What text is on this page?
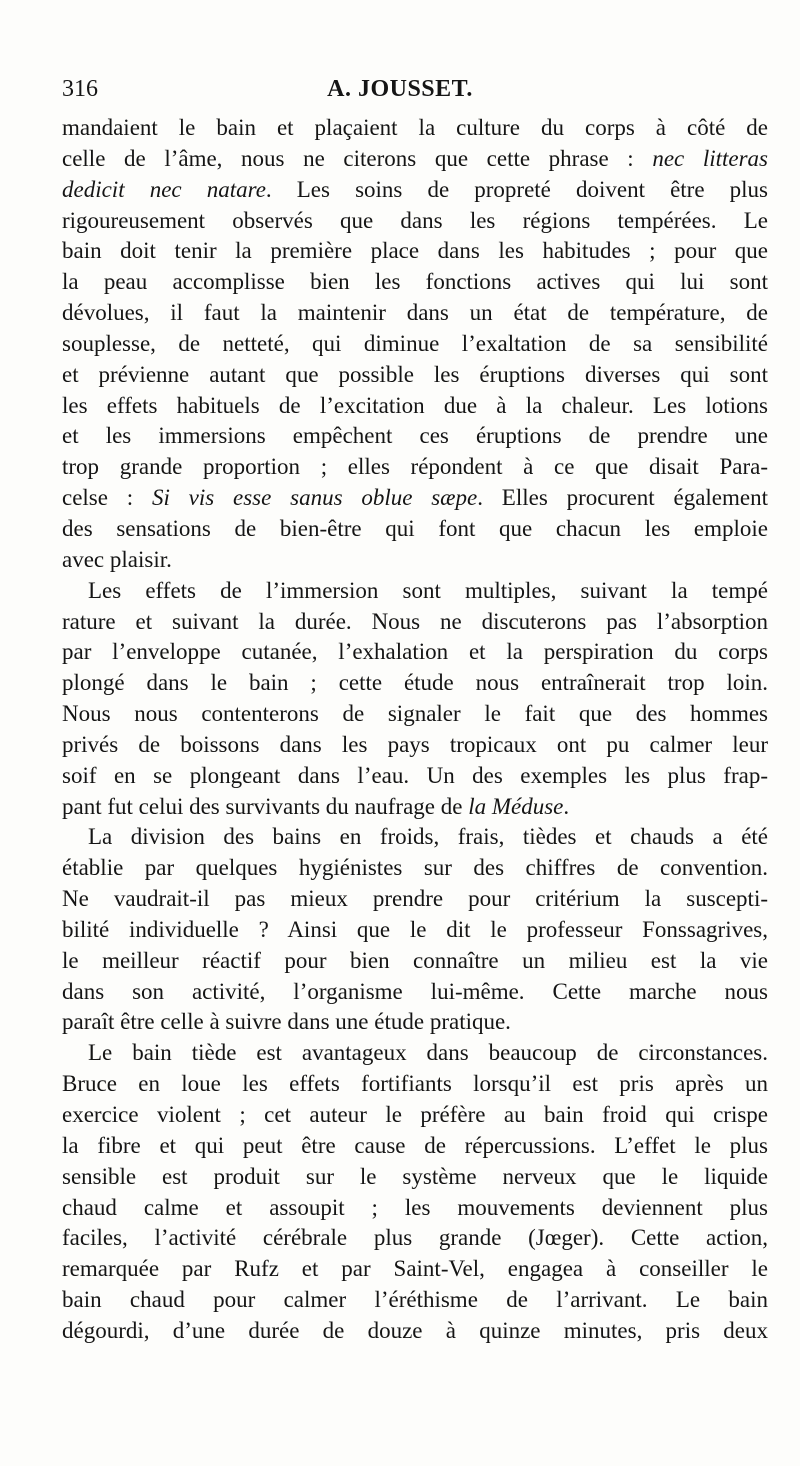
316	A. JOUSSET.
mandaient le bain et plaçaient la culture du corps à côté de
celle de l’âme, nous ne citerons que cette phrase : nec litteras
dedicit nec natare. Les soins de propreté doivent être plus
rigoureusement observés que dans les régions tempérées. Le
bain doit tenir la première place dans les habitudes ; pour que
la peau accomplisse bien les fonctions actives qui lui sont
dévolues, il faut la maintenir dans un état de température, de
souplesse, de netteté, qui diminue l’exaltation de sa sensibilité
et prévienne autant que possible les éruptions diverses qui sont
les effets habituels de l’excitation due à la chaleur. Les lotions
et les immersions empêchent ces éruptions de prendre une
trop grande proportion ; elles répondent à ce que disait Para-
celse : Si vis esse sanus oblue sæpe. Elles procurent également
des sensations de bien-être qui font que chacun les emploie
avec plaisir.
Les effets de l’immersion sont multiples, suivant la tempé
rature et suivant la durée. Nous ne discuterons pas l’absorption
par l’enveloppe cutanée, l’exhalation et la perspiration du corps
plongé dans le bain ; cette étude nous entraînerait trop loin.
Nous nous contenterons de signaler le fait que des hommes
privés de boissons dans les pays tropicaux ont pu calmer leur
soif en se plongeant dans l’eau. Un des exemples les plus frap-
pant fut celui des survivants du naufrage de la Méduse.
La division des bains en froids, frais, tièdes et chauds a été
établie par quelques hygiénistes sur des chiffres de convention.
Ne vaudrait-il pas mieux prendre pour critérium la suscepti-
bilité individuelle ? Ainsi que le dit le professeur Fonssagrives,
le meilleur réactif pour bien connaître un milieu est la vie
dans son activité, l’organisme lui-même. Cette marche nous
paraît être celle à suivre dans une étude pratique.
Le bain tiède est avantageux dans beaucoup de circonstances.
Bruce en loue les effets fortifiants lorsqu’il est pris après un
exercice violent ; cet auteur le préfère au bain froid qui crispe
la fibre et qui peut être cause de répercussions. L’effet le plus
sensible est produit sur le système nerveux que le liquide
chaud calme et assoupit ; les mouvements deviennent plus
faciles, l’activité cérébrale plus grande (Jœger). Cette action,
remarquée par Rufz et par Saint-Vel, engagea à conseiller le
bain chaud pour calmer l’éréthisme de l’arrivant. Le bain
dégourdi, d’une durée de douze à quinze minutes, pris deux
